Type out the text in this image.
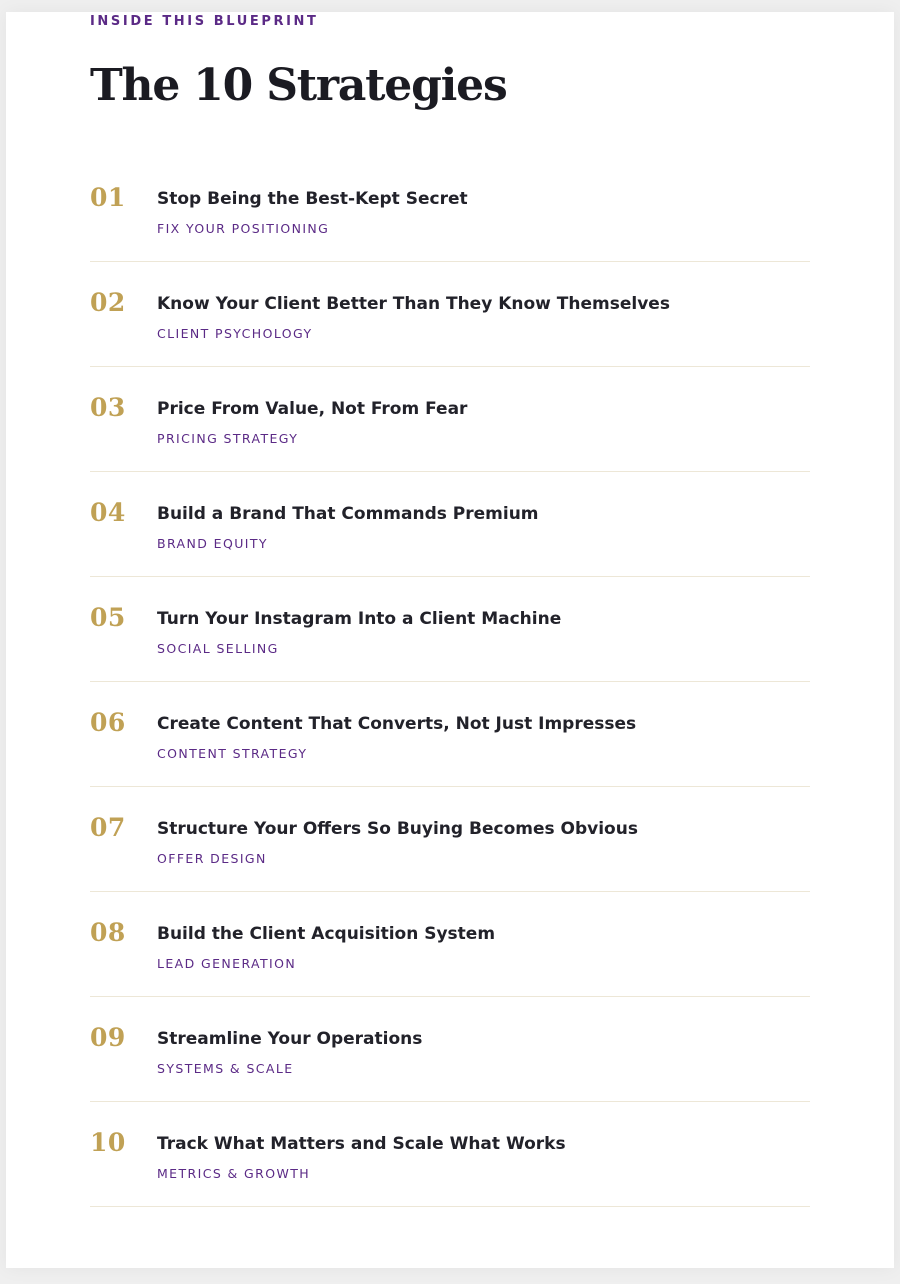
INSIDE THIS BLUEPRINT
The 10 Strategies
01 Stop Being the Best-Kept Secret
FIX YOUR POSITIONING
02 Know Your Client Better Than They Know Themselves
CLIENT PSYCHOLOGY
03 Price From Value, Not From Fear
PRICING STRATEGY
04 Build a Brand That Commands Premium
BRAND EQUITY
05 Turn Your Instagram Into a Client Machine
SOCIAL SELLING
06 Create Content That Converts, Not Just Impresses
CONTENT STRATEGY
07 Structure Your Offers So Buying Becomes Obvious
OFFER DESIGN
08 Build the Client Acquisition System
LEAD GENERATION
09 Streamline Your Operations
SYSTEMS & SCALE
10 Track What Matters and Scale What Works
METRICS & GROWTH
